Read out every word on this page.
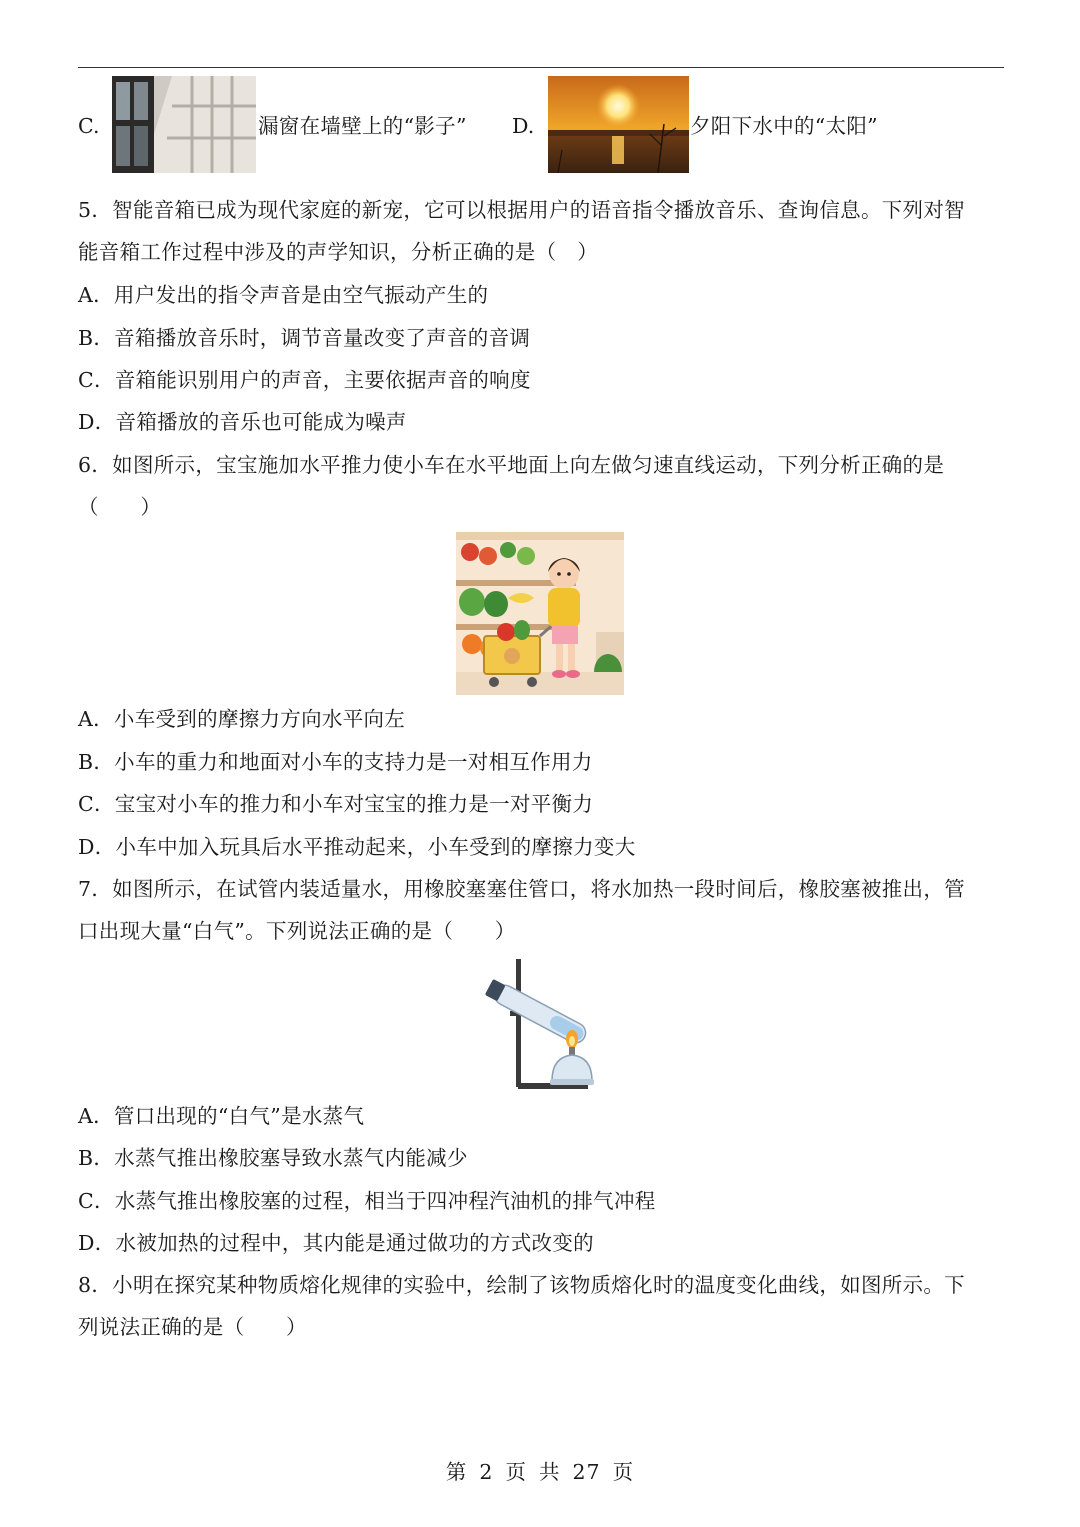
C.	漏窗在墙壁上的“影子” D.	夕阳下水中的“太阳”
5．智能音箱已成为现代家庭的新宠，它可以根据用户的语音指令播放音乐、查询信息。下列对智
能音箱工作过程中涉及的声学知识，分析正确的是（　）
A．用户发出的指令声音是由空气振动产生的
B．音箱播放音乐时，调节音量改变了声音的音调
C．音箱能识别用户的声音，主要依据声音的响度
D．音箱播放的音乐也可能成为噪声
6．如图所示，宝宝施加水平推力使小车在水平地面上向左做匀速直线运动，下列分析正确的是
（　　）
A．小车受到的摩擦力方向水平向左
B．小车的重力和地面对小车的支持力是一对相互作用力
C．宝宝对小车的推力和小车对宝宝的推力是一对平衡力
D．小车中加入玩具后水平推动起来，小车受到的摩擦力变大
7．如图所示，在试管内装适量水，用橡胶塞塞住管口，将水加热一段时间后，橡胶塞被推出，管
口出现大量“白气”。下列说法正确的是（　　）
A．管口出现的“白气”是水蒸气
B．水蒸气推出橡胶塞导致水蒸气内能减少
C．水蒸气推出橡胶塞的过程，相当于四冲程汽油机的排气冲程
D．水被加热的过程中，其内能是通过做功的方式改变的
8．小明在探究某种物质熔化规律的实验中，绘制了该物质熔化时的温度变化曲线，如图所示。下
列说法正确的是（　　）
第 2 页 共 27 页
